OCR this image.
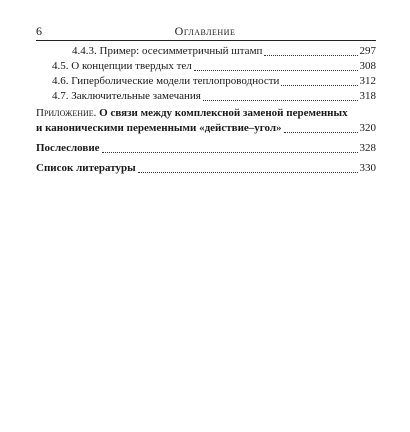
6	Оглавление
4.4.3. Пример: осесимметричный штамп	297
4.5. О концепции твердых тел	308
4.6. Гиперболические модели теплопроводности	312
4.7. Заключительные замечания	318
Приложение. О связи между комплексной заменой переменных
и каноническими переменными «действие–угол»	320
Послесловие	328
Список литературы	330
